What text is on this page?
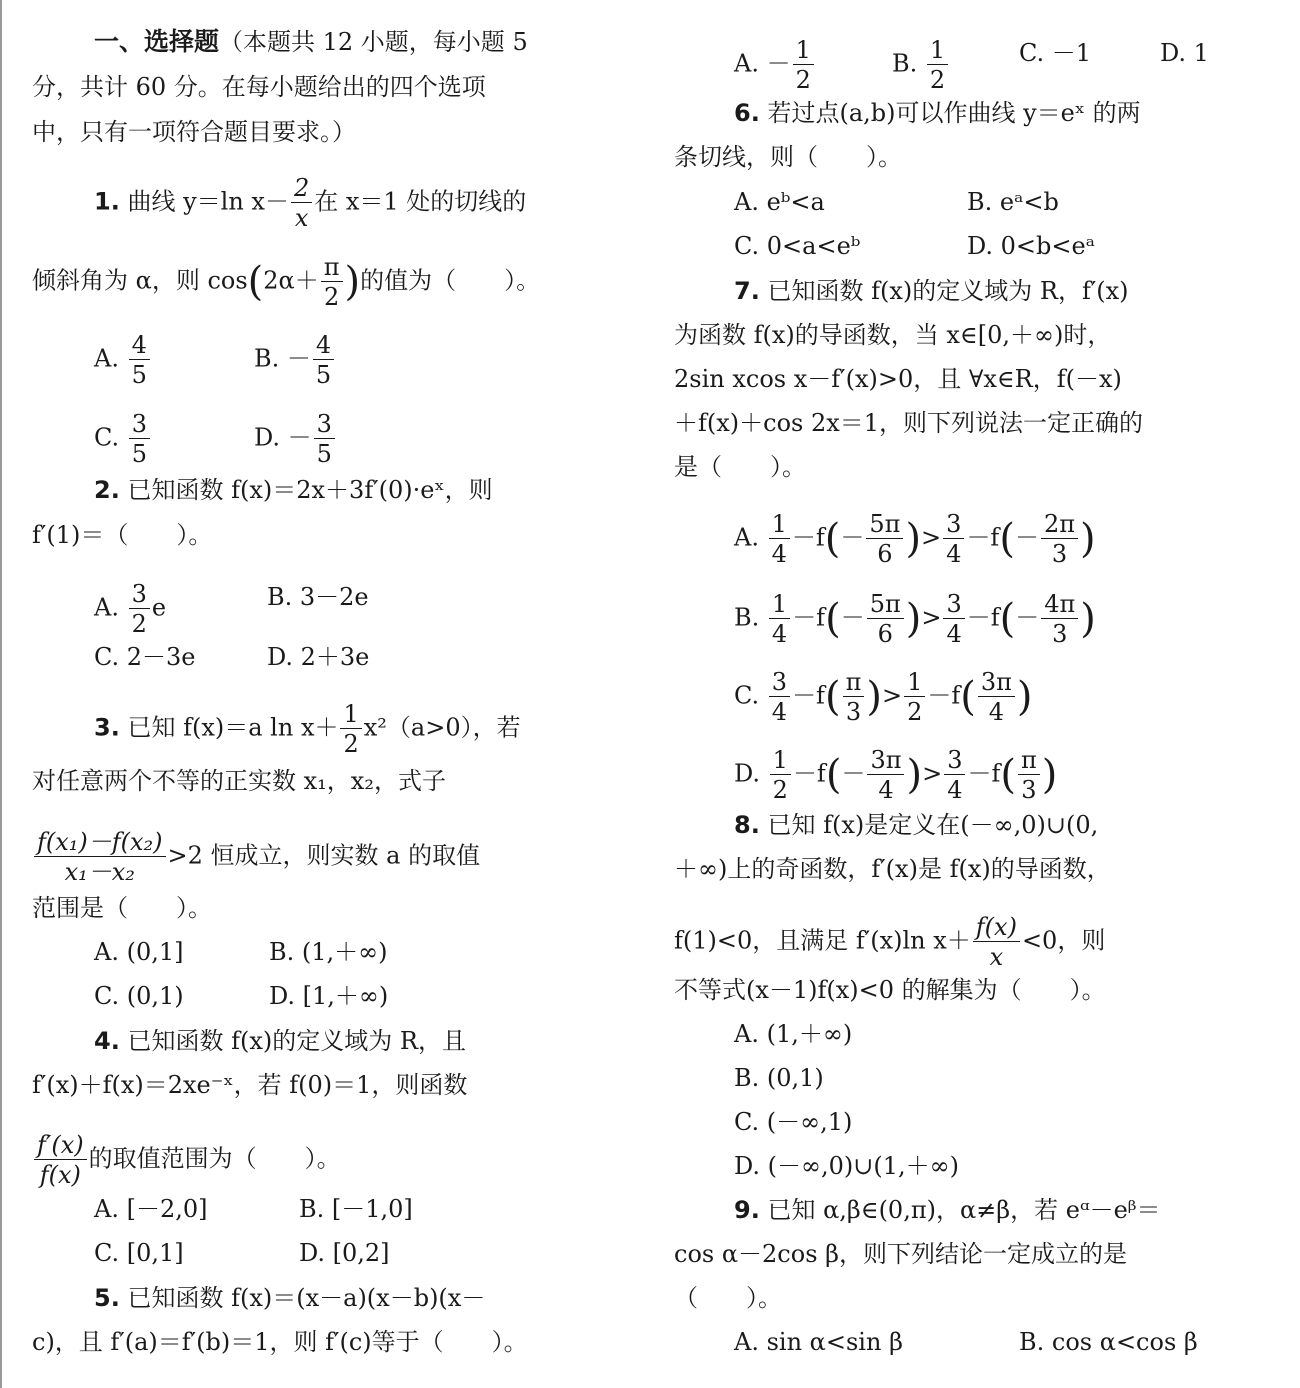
一、选择题（本题共 12 小题，每小题 5
分，共计 60 分。在每小题给出的四个选项
中，只有一项符合题目要求。）
1. 曲线 y＝ln $x- \frac{2}{x}$ 在 x＝1 处的切线的
倾斜角为 α，则 $\cos(2\alpha+ \frac{\pi}{2}$ )的值为（　　）。
A. $\frac{4}{5}$	B. － $\frac{4}{5}$
C. $\frac{3}{5}$	D. － $\frac{3}{5}$
2. 已知函数 f(x)＝2x＋3f′(0)·eˣ，则
f′(1)＝（　　）。
A. $\frac{3}{2}$ e	B. 3－2e
C. 2－3e	D. 2＋3e
3. 已知 f(x)＝a $\ln x+ \frac{1}{2} x^2(a>0)$，若
对任意两个不等的正实数 x₁，x₂，式子
$\frac{\text{f(x₁)－f(x₂)}}{\text{x₁－x₂}} >2$ 恒成立，则实数 a 的取值
范围是（　　）。
A. (0,1]	B. (1,＋∞)
C. (0,1)	D. [1,＋∞)
4. 已知函数 f(x)的定义域为 R，且
f′(x)＋f(x)＝2xe⁻ˣ，若 f(0)＝1，则函数
$\frac{f'(x)}{f(x)}$ 的取值范围为（　　）。
A. [－2,0]	B. [－1,0]
C. [0,1]	D. [0,2]
5. 已知函数 f(x)＝(x－a)(x－b)(x－
c)，且 f′(a)＝f′(b)＝1，则 f′(c)等于（　　）。
A. － $\frac{1}{2}$	B. $\frac{1}{2}$	C. －1	D. 1
6. 若过点(a,b)可以作曲线 y＝eˣ 的两
条切线，则（　　）。
A. eᵇ<a	B. eᵃ<b
C. 0<a<eᵇ	D. 0<b<eᵃ
7. 已知函数 f(x)的定义域为 R，f′(x)
为函数 f(x)的导函数，当 x∈[0,＋∞)时，
2sin xcos x－f′(x)>0，且 ∀x∈R，f(－x)
＋f(x)＋cos 2x＝1，则下列说法一定正确的
是（　　）。
A. $\frac{1}{4} -f(- \frac{5\pi}{6}$ )> $\frac{3}{4} -f(- \frac{2\pi}{3}$ )
B. $\frac{1}{4} -f(- \frac{5\pi}{6}$ )> $\frac{3}{4} -f(- \frac{4\pi}{3}$ )
C. $\frac{3}{4} -f( \frac{\pi}{3}$ )> $\frac{1}{2} -f( \frac{3\pi}{4}$ )
D. $\frac{1}{2} -f(- \frac{3\pi}{4}$ )> $\frac{3}{4} -f( \frac{\pi}{3}$ )
8. 已知 f(x)是定义在(－∞,0)∪(0,
＋∞)上的奇函数，f′(x)是 f(x)的导函数，
f(1)<0，且满足 f′(x)ln $x+ \frac{f(x)}{x} <0$，则
不等式(x－1)f(x)<0 的解集为（　　）。
A. (1,＋∞)
B. (0,1)
C. (－∞,1)
D. (－∞,0)∪(1,＋∞)
9. 已知 α,β∈(0,π)，α≠β，若 eᵅ－eᵝ＝
cos α－2cos β，则下列结论一定成立的是
（　　）。
A. sin α<sin β	B. cos α<cos β
